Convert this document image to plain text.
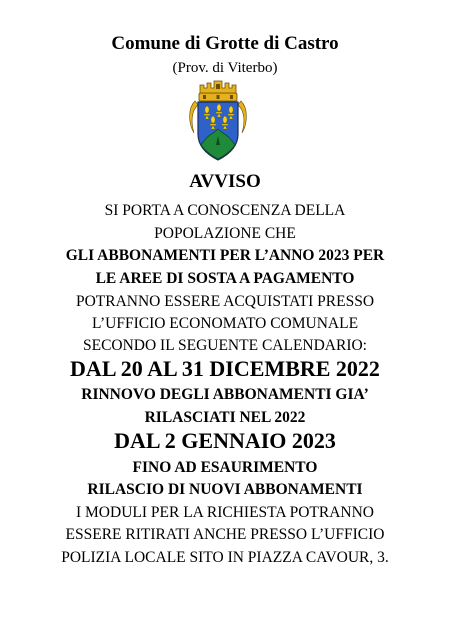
Comune di Grotte di Castro
(Prov. di Viterbo)
AVVISO
SI PORTA A CONOSCENZA DELLA
POPOLAZIONE CHE
GLI ABBONAMENTI PER L’ANNO 2023 PER
LE AREE DI SOSTA A PAGAMENTO
POTRANNO ESSERE ACQUISTATI PRESSO
L’UFFICIO ECONOMATO COMUNALE
SECONDO IL SEGUENTE CALENDARIO:
DAL 20 AL 31 DICEMBRE 2022
RINNOVO DEGLI ABBONAMENTI GIA’
RILASCIATI NEL 2022
DAL 2 GENNAIO 2023
FINO AD ESAURIMENTO
RILASCIO DI NUOVI ABBONAMENTI
I MODULI PER LA RICHIESTA POTRANNO
ESSERE RITIRATI ANCHE PRESSO L’UFFICIO
POLIZIA LOCALE SITO IN PIAZZA CAVOUR, 3.
